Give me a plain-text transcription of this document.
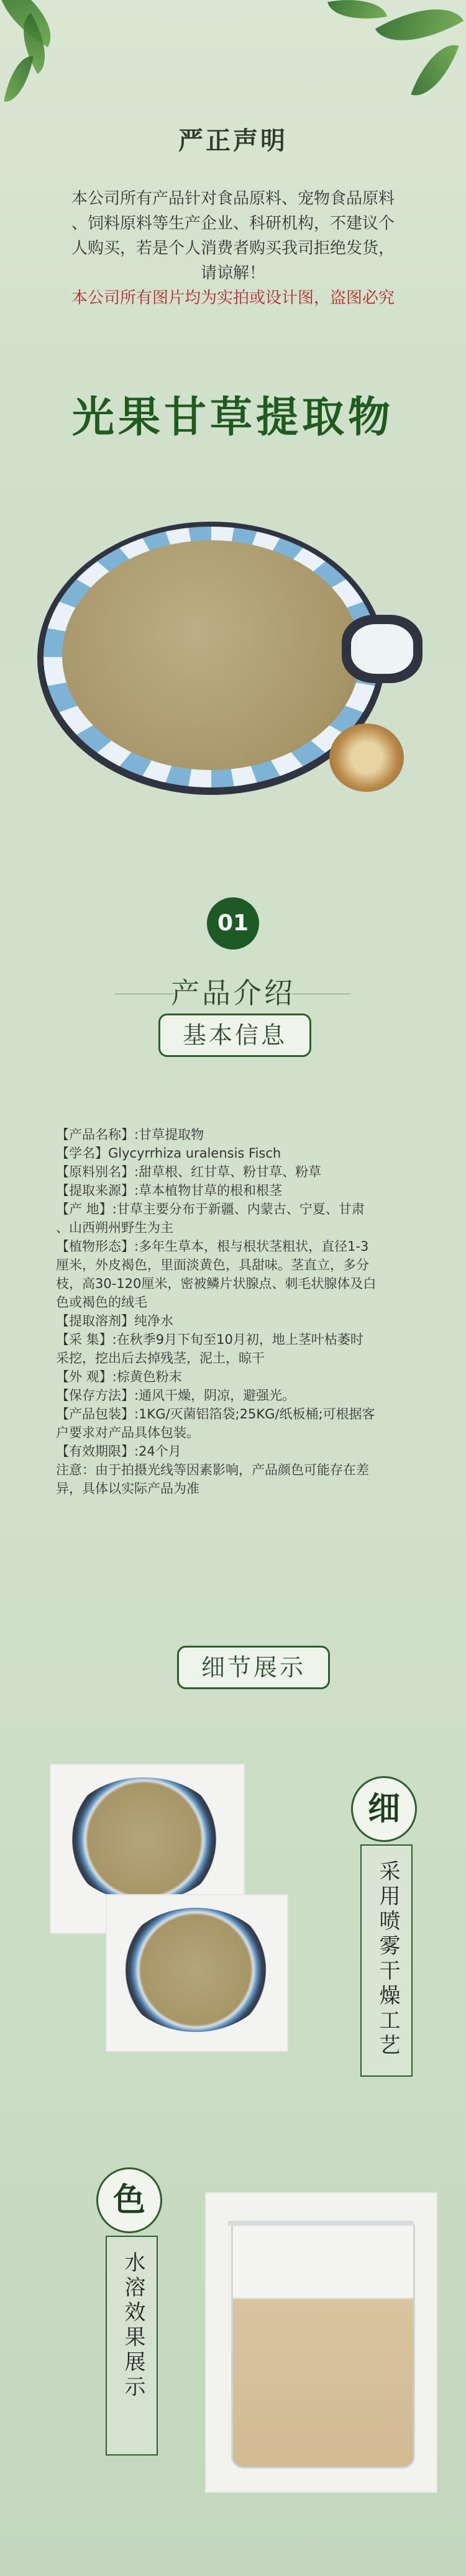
严正声明
本公司所有产品针对食品原料、宠物食品原料
、饲料原料等生产企业、科研机构，不建议个
人购买，若是个人消费者购买我司拒绝发货，
请谅解！
本公司所有图片均为实拍或设计图，盗图必究
光果甘草提取物
01
产品介绍
基本信息

【产品名称】:甘草提取物

【学名】Glycyrrhiza uralensis Fisch

【原料别名】:甜草根、红甘草、粉甘草、粉草

【提取来源】:草本植物甘草的根和根茎

【产 地】:甘草主要分布于新疆、内蒙古、宁夏、甘肃

、山西朔州野生为主

【植物形态】:多年生草本，根与根状茎粗状，直径1-3

厘米，外皮褐色，里面淡黄色，具甜味。茎直立，多分

枝，高30-120厘米，密被鳞片状腺点、刺毛状腺体及白

色或褐色的绒毛

【提取溶剂】纯净水

【采 集】:在秋季9月下旬至10月初，地上茎叶枯萎时

采挖，挖出后去掉残茎，泥土，晾干

【外 观】:棕黄色粉末

【保存方法】:通风干燥，阴凉，避强光。

【产品包装】:1KG/灭菌铝箔袋;25KG/纸板桶;可根据客

户要求对产品具体包装。

【有效期限】:24个月

注意：由于拍摄光线等因素影响，产品颜色可能存在差

异，具体以实际产品为准

细节展示
细
采用喷雾干燥工艺
色
水溶效果展示
